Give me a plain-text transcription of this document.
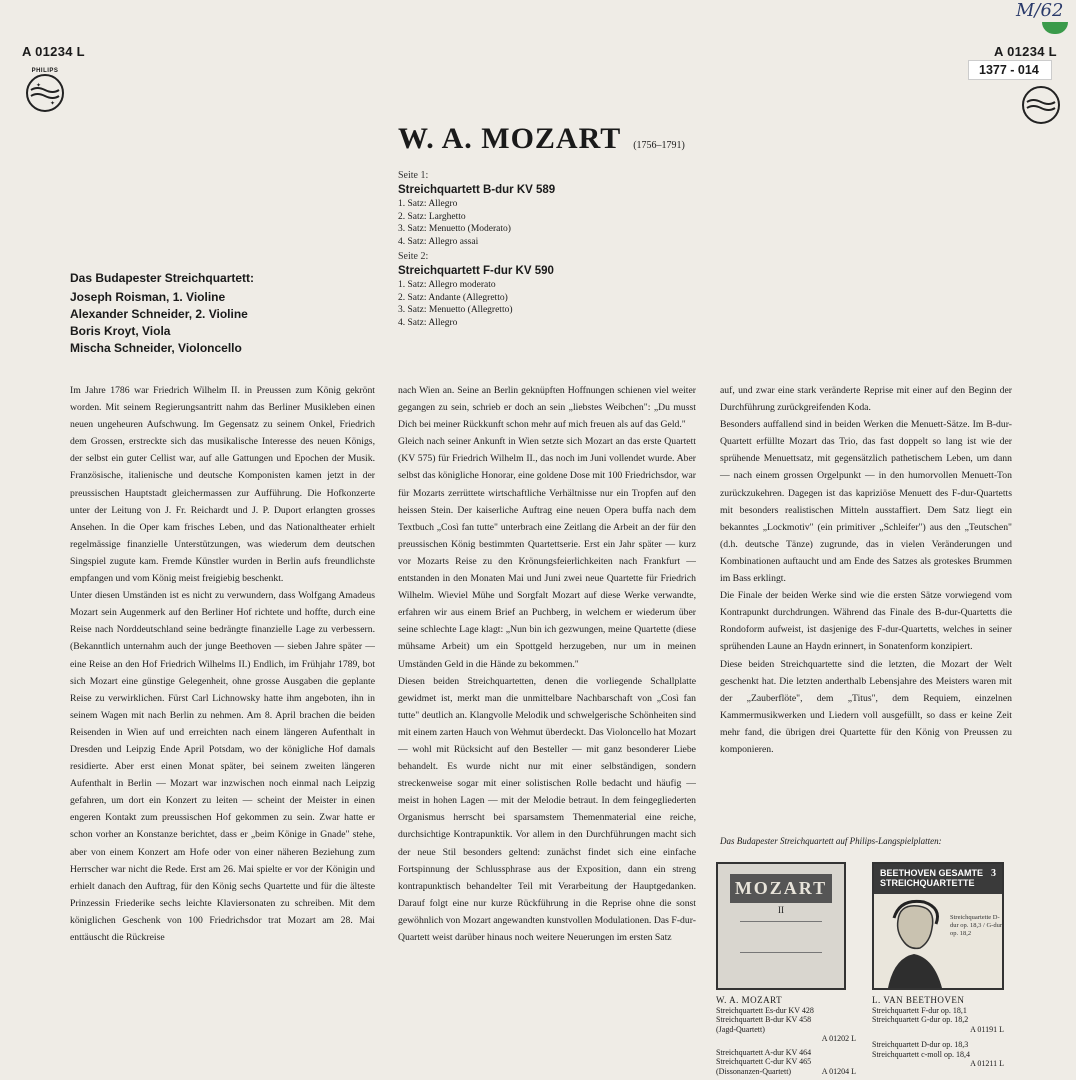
A 01234 L
PHILIPS
✦
✦
M/62
A 01234 L
1377 - 014
W. A. MOZART (1756–1791)
Seite 1:
Streichquartett B-dur KV 589
1. Satz: Allegro
2. Satz: Larghetto
3. Satz: Menuetto (Moderato)
4. Satz: Allegro assai
Seite 2:
Streichquartett F-dur KV 590
1. Satz: Allegro moderato
2. Satz: Andante (Allegretto)
3. Satz: Menuetto (Allegretto)
4. Satz: Allegro
Das Budapester Streichquartett:
Joseph Roisman, 1. Violine
Alexander Schneider, 2. Violine
Boris Kroyt, Viola
Mischa Schneider, Violoncello

Im Jahre 1786 war Friedrich Wilhelm II. in Preussen zum König gekrönt worden. Mit seinem Regierungsantritt nahm das Berliner Musikleben einen neuen ungeheuren Aufschwung. Im Gegensatz zu seinem Onkel, Friedrich dem Grossen, erstreckte sich das musikalische Interesse des neuen Königs, der selbst ein guter Cellist war, auf alle Gattungen und Epochen der Musik. Französische, italienische und deutsche Komponisten kamen jetzt in der preussischen Hauptstadt gleichermassen zur Aufführung. Die Hofkonzerte unter der Leitung von J. Fr. Reichardt und J. P. Duport erlangten grosses Ansehen. In die Oper kam frisches Leben, und das Nationaltheater erhielt regelmässige finanzielle Unterstützungen, was wiederum dem deutschen Singspiel zugute kam. Fremde Künstler wurden in Berlin aufs freundlichste empfangen und vom König meist freigiebig beschenkt.

Unter diesen Umständen ist es nicht zu verwundern, dass Wolfgang Amadeus Mozart sein Augenmerk auf den Berliner Hof richtete und hoffte, durch eine Reise nach Norddeutschland seine bedrängte finanzielle Lage zu verbessern. (Bekanntlich unternahm auch der junge Beethoven — sieben Jahre später — eine Reise an den Hof Friedrich Wilhelms II.) Endlich, im Frühjahr 1789, bot sich Mozart eine günstige Gelegenheit, ohne grosse Ausgaben die geplante Reise zu verwirklichen. Fürst Carl Lichnowsky hatte ihm angeboten, ihn in seinem Wagen mit nach Berlin zu nehmen. Am 8. April brachen die beiden Reisenden in Wien auf und erreichten nach einem längeren Aufenthalt in Dresden und Leipzig Ende April Potsdam, wo der königliche Hof damals residierte. Aber erst einen Monat später, bei seinem zweiten längeren Aufenthalt in Berlin — Mozart war inzwischen noch einmal nach Leipzig gefahren, um dort ein Konzert zu leiten — scheint der Meister in einen engeren Kontakt zum preussischen Hof gekommen zu sein. Zwar hatte er schon vorher an Konstanze berichtet, dass er „beim Könige in Gnade" stehe, aber von einem Konzert am Hofe oder von einer näheren Beziehung zum Herrscher war nicht die Rede. Erst am 26. Mai spielte er vor der Königin und erhielt danach den Auftrag, für den König sechs Quartette und für die älteste Prinzessin Friederike sechs leichte Klaviersonaten zu schreiben. Mit dem königlichen Geschenk von 100 Friedrichsdor trat Mozart am 28. Mai enttäuscht die Rückreise

nach Wien an. Seine an Berlin geknüpften Hoffnungen schienen viel weiter gegangen zu sein, schrieb er doch an sein „liebstes Weibchen": „Du musst Dich bei meiner Rückkunft schon mehr auf mich freuen als auf das Geld."

Gleich nach seiner Ankunft in Wien setzte sich Mozart an das erste Quartett (KV 575) für Friedrich Wilhelm II., das noch im Juni vollendet wurde. Aber selbst das königliche Honorar, eine goldene Dose mit 100 Friedrichsdor, war für Mozarts zerrüttete wirtschaftliche Verhältnisse nur ein Tropfen auf den heissen Stein. Der kaiserliche Auftrag eine neuen Opera buffa nach dem Textbuch „Così fan tutte" unterbrach eine Zeitlang die Arbeit an der für den preussischen König bestimmten Quartettserie. Erst ein Jahr später — kurz vor Mozarts Reise zu den Krönungsfeierlichkeiten nach Frankfurt — entstanden in den Monaten Mai und Juni zwei neue Quartette für Friedrich Wilhelm. Wieviel Mühe und Sorgfalt Mozart auf diese Werke verwandte, erfahren wir aus einem Brief an Puchberg, in welchem er wiederum über seine schlechte Lage klagt: „Nun bin ich gezwungen, meine Quartette (diese mühsame Arbeit) um ein Spottgeld herzugeben, nur um in meinen Umständen Geld in die Hände zu bekommen."

Diesen beiden Streichquartetten, denen die vorliegende Schallplatte gewidmet ist, merkt man die unmittelbare Nachbarschaft von „Così fan tutte" deutlich an. Klangvolle Melodik und schwelgerische Schönheiten sind mit einem zarten Hauch von Wehmut überdeckt. Das Violoncello hat Mozart — wohl mit Rücksicht auf den Besteller — mit ganz besonderer Liebe behandelt. Es wurde nicht nur mit einer selbständigen, sondern streckenweise sogar mit einer solistischen Rolle bedacht und häufig — meist in hohen Lagen — mit der Melodie betraut. In dem feingegliederten Organismus herrscht bei sparsamstem Themenmaterial eine reiche, durchsichtige Kontrapunktik. Vor allem in den Durchführungen macht sich der neue Stil besonders geltend: zunächst findet sich eine einfache Fortspinnung der Schlussphrase aus der Exposition, dann ein streng kontrapunktisch behandelter Teil mit Verarbeitung der Hauptgedanken. Darauf folgt eine nur kurze Rückführung in die Reprise ohne die sonst gewöhnlich von Mozart angewandten kunstvollen Modulationen. Das F-dur-Quartett weist darüber hinaus noch weitere Neuerungen im ersten Satz

auf, und zwar eine stark veränderte Reprise mit einer auf den Beginn der Durchführung zurückgreifenden Koda.

Besonders auffallend sind in beiden Werken die Menuett-Sätze. Im B-dur-Quartett erfüllte Mozart das Trio, das fast doppelt so lang ist wie der sprühende Menuettsatz, mit gegensätzlich pathetischem Leben, um dann — nach einem grossen Orgelpunkt — in den humorvollen Menuett-Ton zurückzukehren. Dagegen ist das kapriziöse Menuett des F-dur-Quartetts mit besonders realistischen Mitteln ausstaffiert. Dem Satz liegt ein bekanntes „Lockmotiv" (ein primitiver „Schleifer") aus den „Teutschen" (d.h. deutsche Tänze) zugrunde, das in vielen Veränderungen und Kombinationen auftaucht und am Ende des Satzes als groteskes Brummen im Bass erklingt.

Die Finale der beiden Werke sind wie die ersten Sätze vorwiegend vom Kontrapunkt durchdrungen. Während das Finale des B-dur-Quartetts die Rondoform aufweist, ist dasjenige des F-dur-Quartetts, welches in seiner sprühenden Laune an Haydn erinnert, in Sonatenform konzipiert.

Diese beiden Streichquartette sind die letzten, die Mozart der Welt geschenkt hat. Die letzten anderthalb Lebensjahre des Meisters waren mit der „Zauberflöte", dem „Titus", dem Requiem, einzelnen Kammermusikwerken und Liedern voll ausgefüllt, so dass er keine Zeit mehr fand, die übrigen drei Quartette für den König von Preussen zu komponieren.

Das Budapester Streichquartett auf Philips-Langspielplatten:
MOZART
II
BEETHOVEN GESAMTE STREICHQUARTETTE
3
Streichquartette D-dur op. 18,3 / G-dur op. 18,2
W. A. MOZART
Streichquartett Es-dur KV 428
Streichquartett B-dur KV 458
(Jagd-Quartett)
A 01202 L
Streichquartett A-dur KV 464
Streichquartett C-dur KV 465
(Dissonanzen-Quartett)	A 01204 L
L. VAN BEETHOVEN
Streichquartett F-dur op. 18,1
Streichquartett G-dur op. 18,2
A 01191 L
Streichquartett D-dur op. 18,3
Streichquartett c-moll op. 18,4
A 01211 L
